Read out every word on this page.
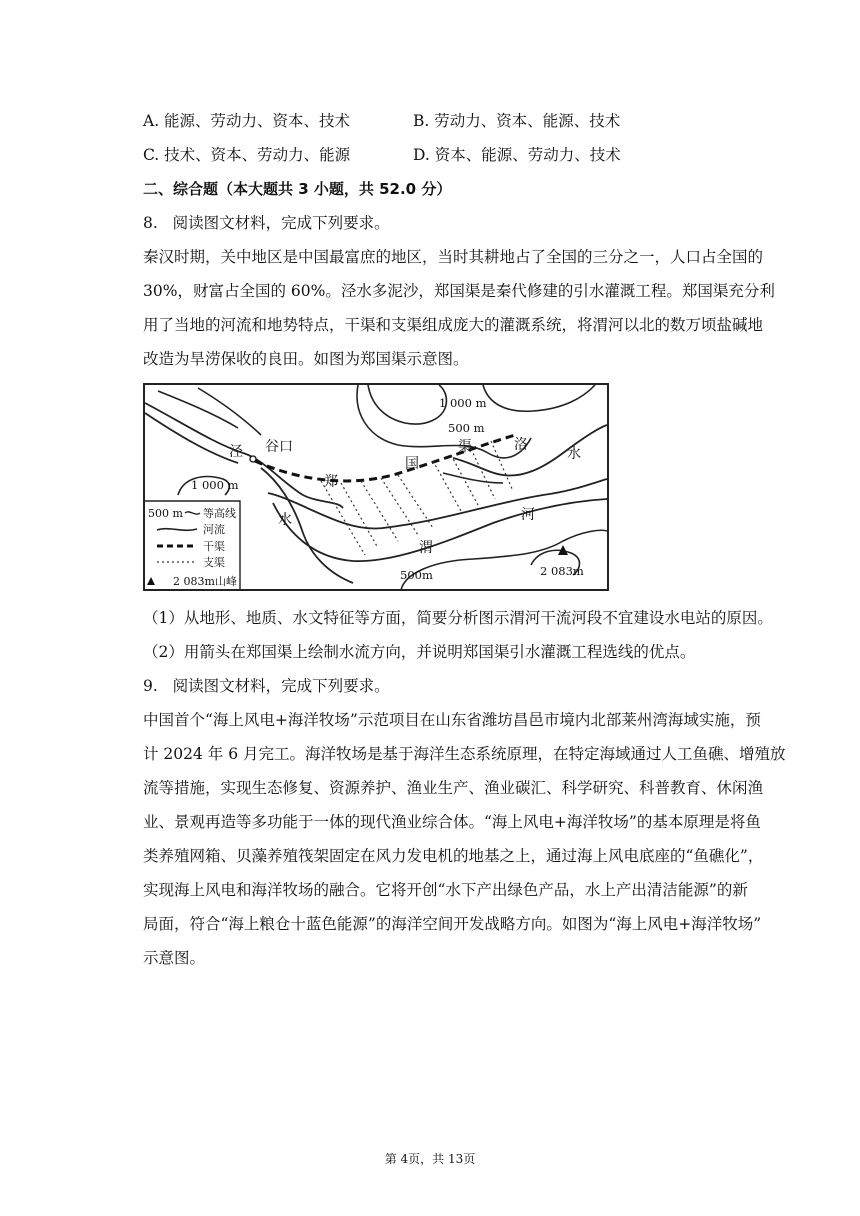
A. 能源、劳动力、资本、技术	B. 劳动力、资本、能源、技术
C. 技术、资本、劳动力、能源	D. 资本、能源、劳动力、技术
二、综合题（本大题共 3 小题，共 52.0 分）
8. 阅读图文材料，完成下列要求。
秦汉时期，关中地区是中国最富庶的地区，当时其耕地占了全国的三分之一，人口占全国的
30%，财富占全国的 60%。泾水多泥沙，郑国渠是秦代修建的引水灌溉工程。郑国渠充分利
用了当地的河流和地势特点，干渠和支渠组成庞大的灌溉系统，将渭河以北的数万顷盐碱地
改造为旱涝保收的良田。如图为郑国渠示意图。
1 000 m
500 m
1 000 m
500m	2 083m
泾 谷口
郑
国
渠	洛
水
水	河
渭
500 m 等高线
河流
干渠
支渠
2 083m 山峰
（1）从地形、地质、水文特征等方面，简要分析图示渭河干流河段不宜建设水电站的原因。
（2）用箭头在郑国渠上绘制水流方向，并说明郑国渠引水灌溉工程选线的优点。
9. 阅读图文材料，完成下列要求。
中国首个“海上风电+海洋牧场”示范项目在山东省潍坊昌邑市境内北部莱州湾海域实施，预
计 2024 年 6 月完工。海洋牧场是基于海洋生态系统原理，在特定海域通过人工鱼礁、增殖放
流等措施，实现生态修复、资源养护、渔业生产、渔业碳汇、科学研究、科普教育、休闲渔
业、景观再造等多功能于一体的现代渔业综合体。“海上风电+海洋牧场”的基本原理是将鱼
类养殖网箱、贝藻养殖筏架固定在风力发电机的地基之上，通过海上风电底座的“鱼礁化”，
实现海上风电和海洋牧场的融合。它将开创“水下产出绿色产品，水上产出清洁能源”的新
局面，符合“海上粮仓十蓝色能源”的海洋空间开发战略方向。如图为“海上风电+海洋牧场”
示意图。
第 4页，共 13页
